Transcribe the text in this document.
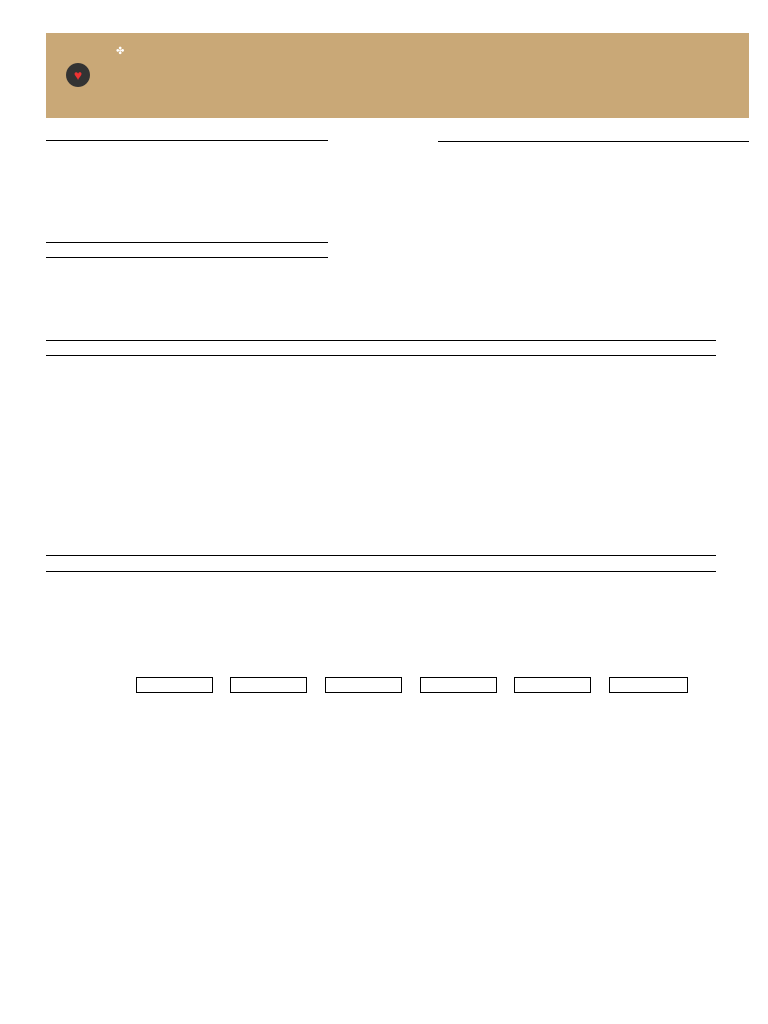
♥
✤
